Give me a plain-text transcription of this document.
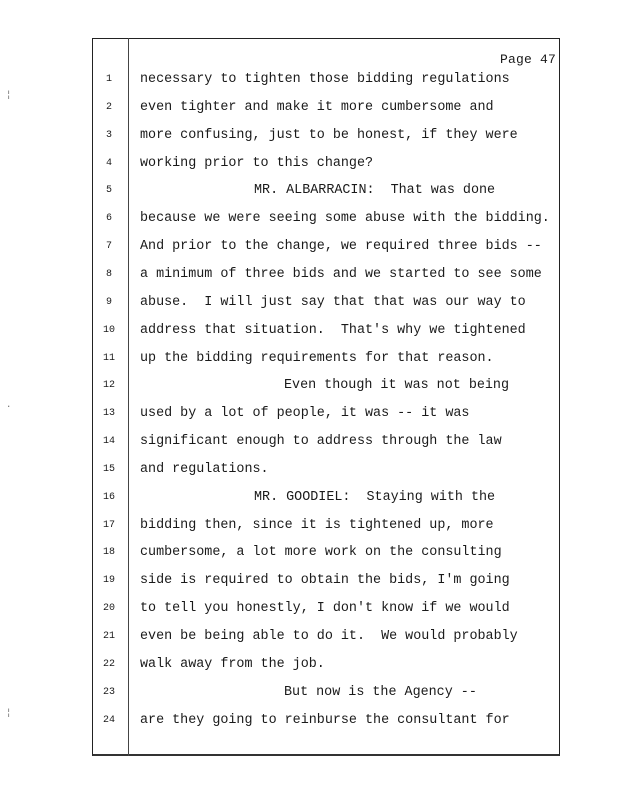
¦
·
¦
Page 47
1	necessary to tighten those bidding regulations
2	even tighter and make it more cumbersome and
3	more confusing, just to be honest, if they were
4	working prior to this change?
5	MR. ALBARRACIN:  That was done
6	because we were seeing some abuse with the bidding.
7	And prior to the change, we required three bids --
8	a minimum of three bids and we started to see some
9	abuse.  I will just say that that was our way to
10	address that situation.  That's why we tightened
11	up the bidding requirements for that reason.
12	Even though it was not being
13	used by a lot of people, it was -- it was
14	significant enough to address through the law
15	and regulations.
16	MR. GOODIEL:  Staying with the
17	bidding then, since it is tightened up, more
18	cumbersome, a lot more work on the consulting
19	side is required to obtain the bids, I'm going
20	to tell you honestly, I don't know if we would
21	even be being able to do it.  We would probably
22	walk away from the job.
23	But now is the Agency --
24	are they going to reinburse the consultant for
